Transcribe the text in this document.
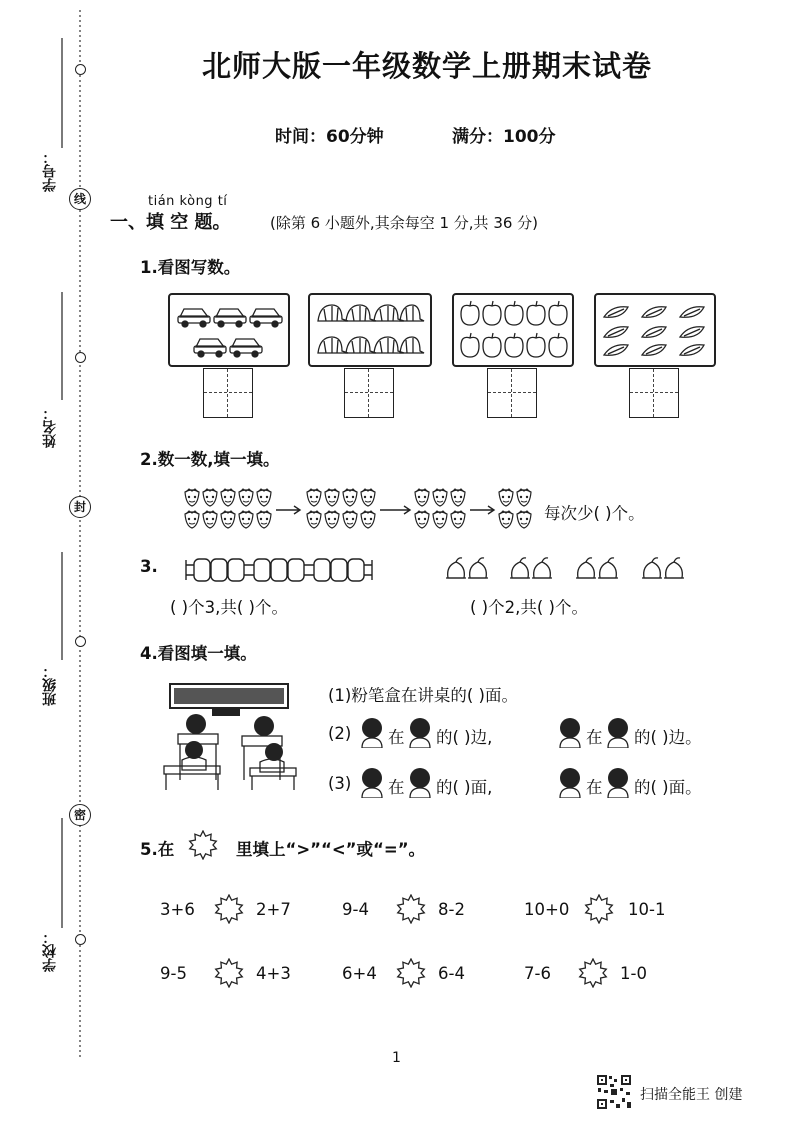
学号：
姓名：
班级：
学校：
线
封
密
北师大版一年级数学上册期末试卷
时间：60分钟	满分：100分
tián kòng tí
一、填 空 题。	(除第 6 小题外,其余每空 1 分,共 36 分)
1.看图写数。
2.数一数,填一填。
每次少( )个。
3.
( )个3,共( )个。	( )个2,共( )个。
4.看图填一填。
(1)粉笔盒在讲桌的( )面。
(2) 在 的( )边,	在 的( )边。
(3) 在 的( )面,	在 的( )面。
5.在	里填上“>”“<”或“=”。
3+6	2+7	9-4	8-2	10+0	10-1
9-5	4+3	6+4	6-4	7-6	1-0
1
扫描全能王 创建
